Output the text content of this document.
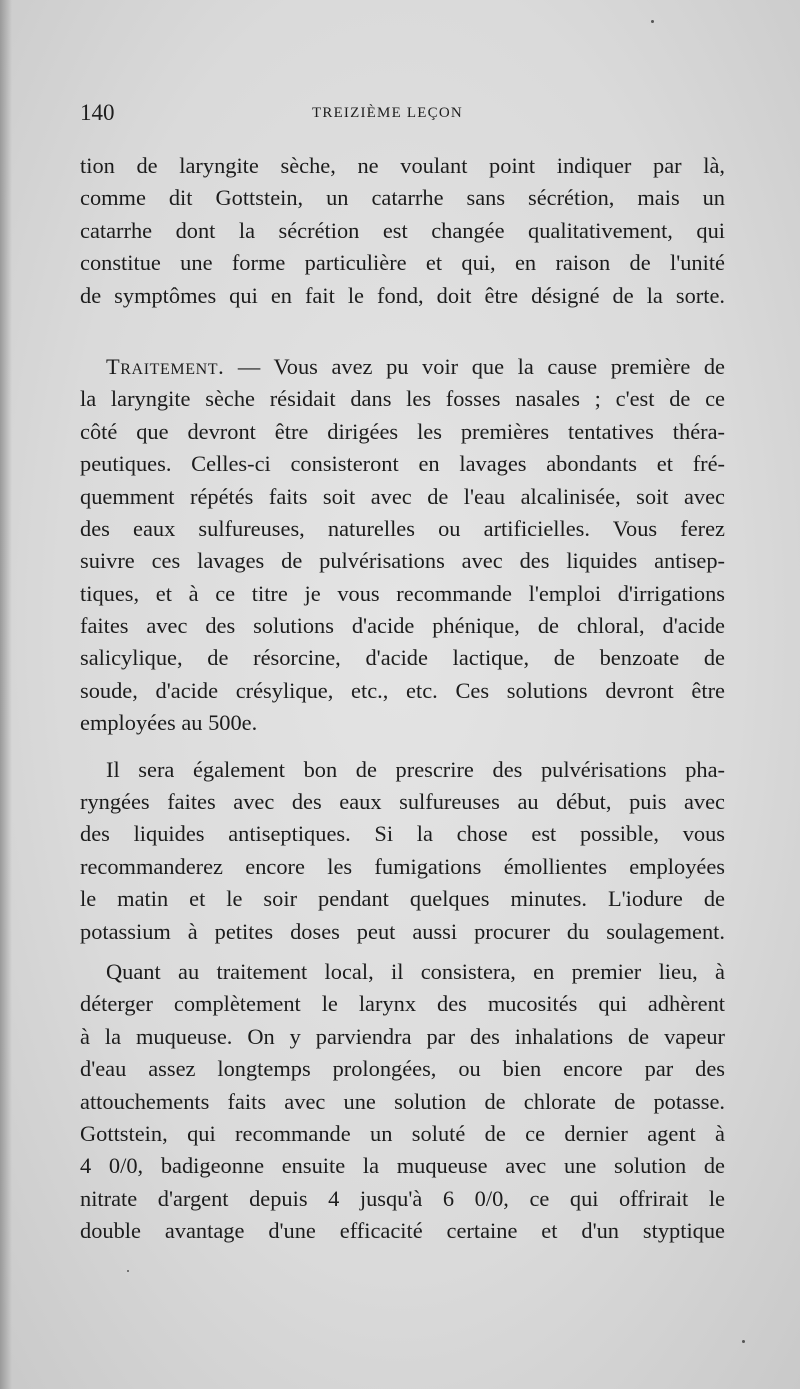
140	TREIZIÈME LEÇON
tion de laryngite sèche, ne voulant point indiquer par là,
comme dit Gottstein, un catarrhe sans sécrétion, mais un
catarrhe dont la sécrétion est changée qualitativement, qui
constitue une forme particulière et qui, en raison de l'unité
de symptômes qui en fait le fond, doit être désigné de la sorte.
Traitement. — Vous avez pu voir que la cause première de
la laryngite sèche résidait dans les fosses nasales ; c'est de ce
côté que devront être dirigées les premières tentatives théra-
peutiques. Celles-ci consisteront en lavages abondants et fré-
quemment répétés faits soit avec de l'eau alcalinisée, soit avec
des eaux sulfureuses, naturelles ou artificielles. Vous ferez
suivre ces lavages de pulvérisations avec des liquides antisep-
tiques, et à ce titre je vous recommande l'emploi d'irrigations
faites avec des solutions d'acide phénique, de chloral, d'acide
salicylique, de résorcine, d'acide lactique, de benzoate de
soude, d'acide crésylique, etc., etc. Ces solutions devront être
employées au 500e.
Il sera également bon de prescrire des pulvérisations pha-
ryngées faites avec des eaux sulfureuses au début, puis avec
des liquides antiseptiques. Si la chose est possible, vous
recommanderez encore les fumigations émollientes employées
le matin et le soir pendant quelques minutes. L'iodure de
potassium à petites doses peut aussi procurer du soulagement.
Quant au traitement local, il consistera, en premier lieu, à
déterger complètement le larynx des mucosités qui adhèrent
à la muqueuse. On y parviendra par des inhalations de vapeur
d'eau assez longtemps prolongées, ou bien encore par des
attouchements faits avec une solution de chlorate de potasse.
Gottstein, qui recommande un soluté de ce dernier agent à
4 0/0, badigeonne ensuite la muqueuse avec une solution de
nitrate d'argent depuis 4 jusqu'à 6 0/0, ce qui offrirait le
double avantage d'une efficacité certaine et d'un styptique
